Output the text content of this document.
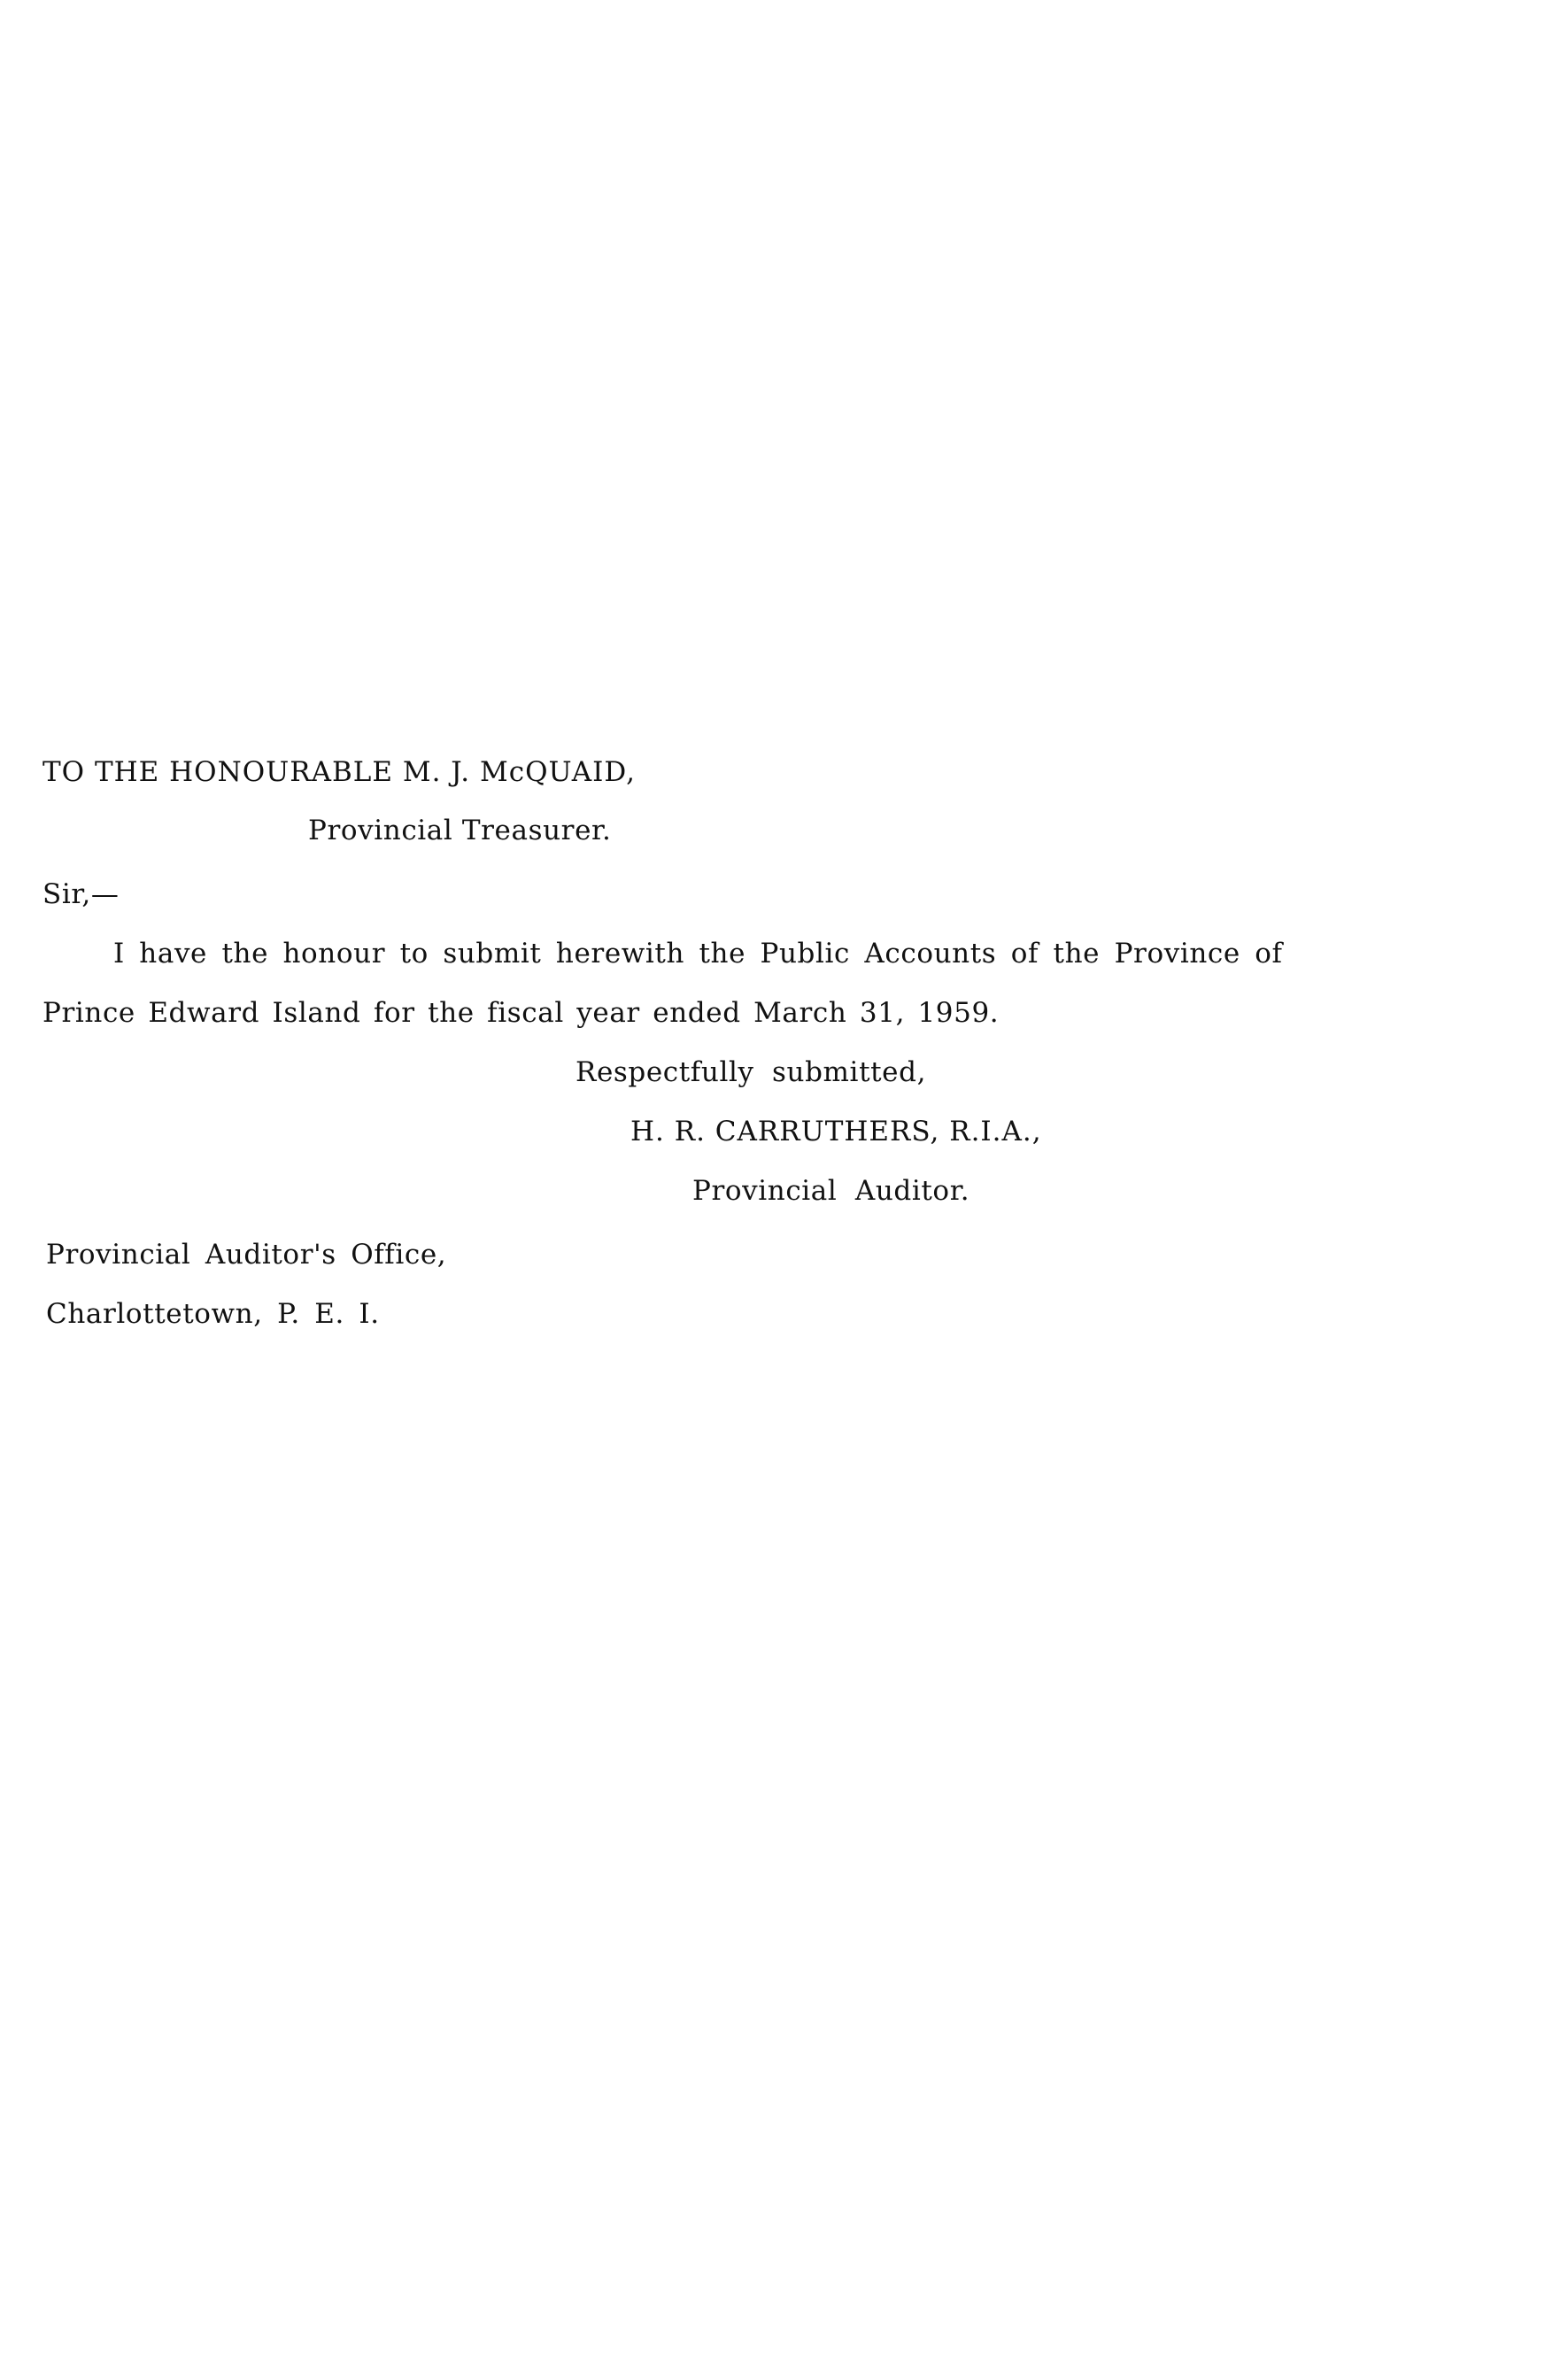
TO THE HONOURABLE M. J. McQUAID,
Provincial Treasurer.
Sir,—
I have the honour to submit herewith the Public Accounts of the Province of
Prince Edward Island for the fiscal year ended March 31, 1959.
Respectfully submitted,
H. R. CARRUTHERS, R.I.A.,
Provincial Auditor.
Provincial Auditor's Office,
Charlottetown, P. E. I.
